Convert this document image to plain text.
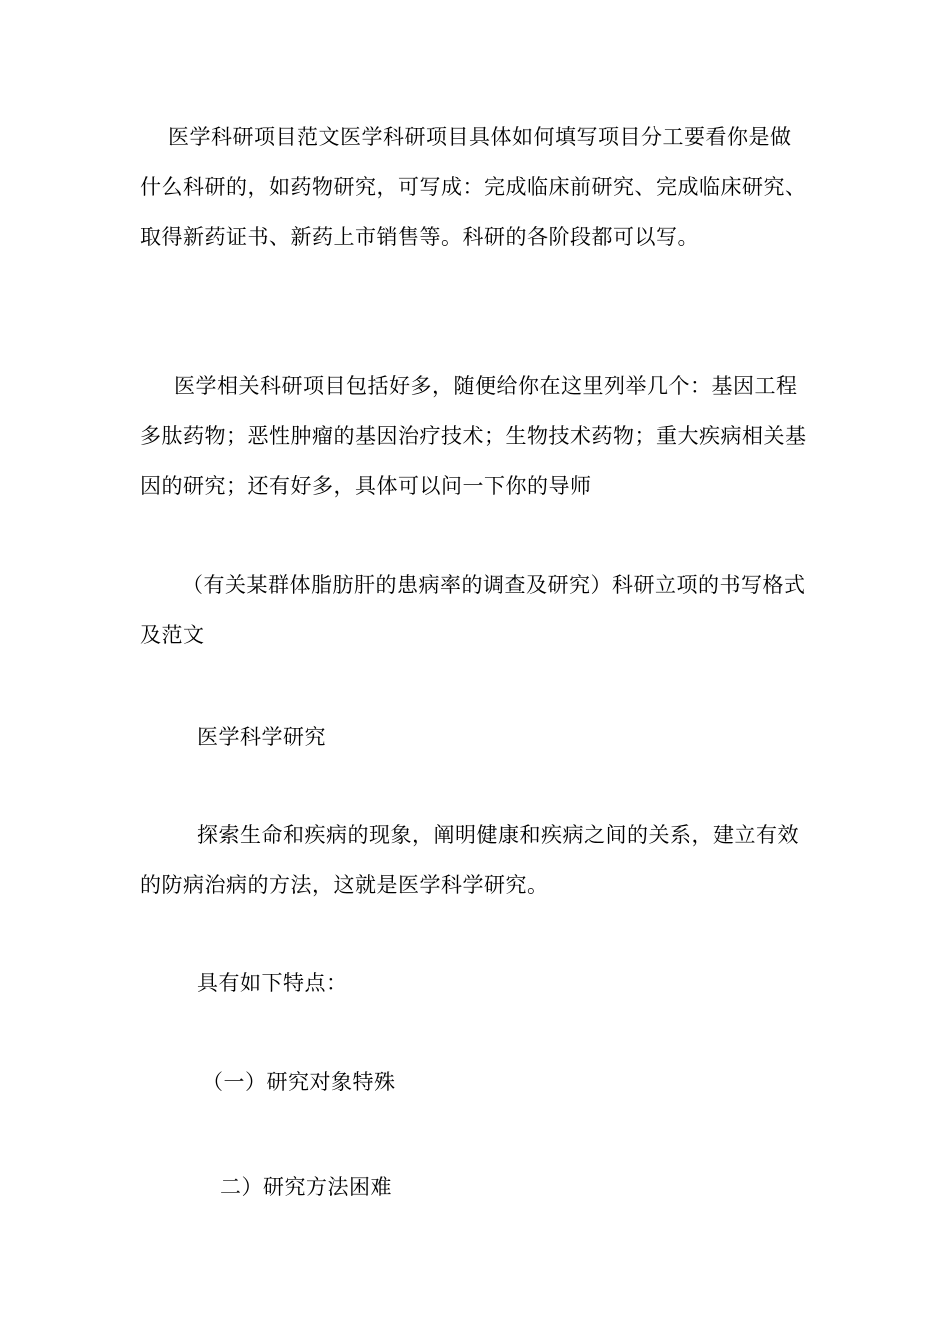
医学科研项目范文医学科研项目具体如何填写项目分工要看你是做什么科研的，如药物研究，可写成：完成临床前研究、完成临床研究、取得新药证书、新药上市销售等。科研的各阶段都可以写。

医学相关科研项目包括好多，随便给你在这里列举几个：基因工程多肽药物；恶性肿瘤的基因治疗技术；生物技术药物；重大疾病相关基因的研究；还有好多，具体可以问一下你的导师

（有关某群体脂肪肝的患病率的调查及研究）科研立项的书写格式及范文

医学科学研究

探索生命和疾病的现象，阐明健康和疾病之间的关系，建立有效的防病治病的方法，这就是医学科学研究。

具有如下特点：

（一）研究对象特殊

二）研究方法困难
